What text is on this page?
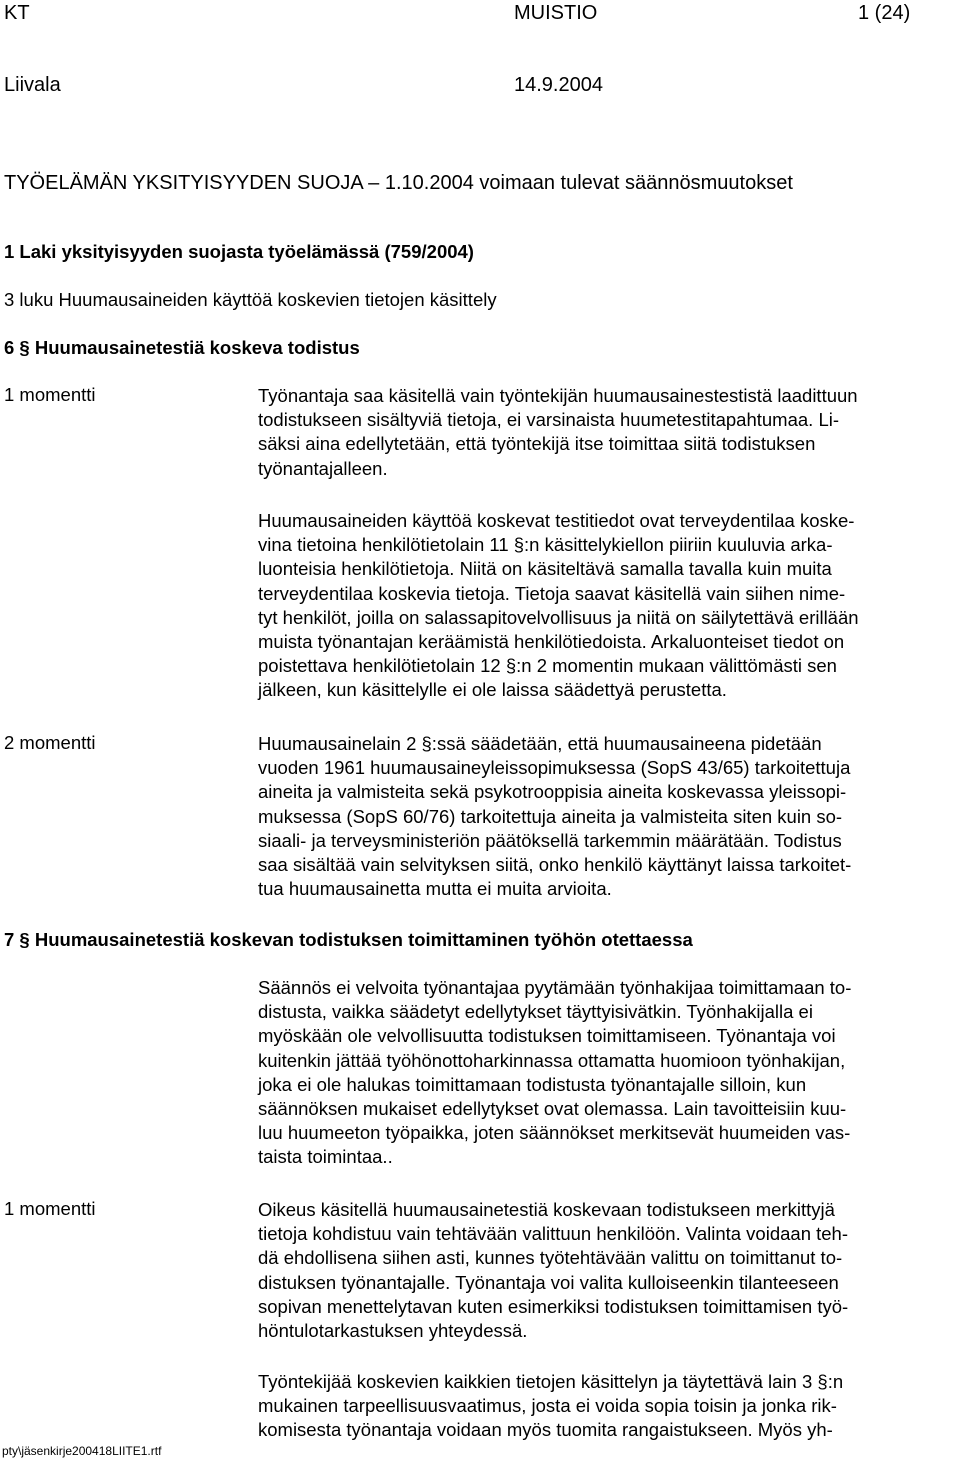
KT	MUISTIO	1 (24)
Liivala	14.9.2004
TYÖELÄMÄN YKSITYISYYDEN SUOJA – 1.10.2004 voimaan tulevat säännösmuutokset
1 Laki yksityisyyden suojasta työelämässä (759/2004)
3 luku Huumausaineiden käyttöä koskevien tietojen käsittely
6 § Huumausainetestiä koskeva todistus
1 momentti	Työnantaja saa käsitellä vain työntekijän huumausainestestistä laadittuun
todistukseen sisältyviä tietoja, ei varsinaista huumetestitapahtumaa. Li-
säksi aina edellytetään, että työntekijä itse toimittaa siitä todistuksen
työnantajalleen.
Huumausaineiden käyttöä koskevat testitiedot ovat terveydentilaa koske-
vina tietoina henkilötietolain 11 §:n käsittelykiellon piiriin kuuluvia arka-
luonteisia henkilötietoja. Niitä on käsiteltävä samalla tavalla kuin muita
terveydentilaa koskevia tietoja. Tietoja saavat käsitellä vain siihen nime-
tyt henkilöt, joilla on salassapitovelvollisuus ja niitä on säilytettävä erillään
muista työnantajan keräämistä henkilötiedoista. Arkaluonteiset tiedot on
poistettava henkilötietolain 12 §:n 2 momentin mukaan välittömästi sen
jälkeen, kun käsittelylle ei ole laissa säädettyä perustetta.
2 momentti	Huumausainelain 2 §:ssä säädetään, että huumausaineena pidetään
vuoden 1961 huumausaineyleissopimuksessa (SopS 43/65) tarkoitettuja
aineita ja valmisteita sekä psykotrooppisia aineita koskevassa yleissopi-
muksessa (SopS 60/76) tarkoitettuja aineita ja valmisteita siten kuin so-
siaali- ja terveysministeriön päätöksellä tarkemmin määrätään. Todistus
saa sisältää vain selvityksen siitä, onko henkilö käyttänyt laissa tarkoitet-
tua huumausainetta mutta ei muita arvioita.
7 § Huumausainetestiä koskevan todistuksen toimittaminen työhön otettaessa
Säännös ei velvoita työnantajaa pyytämään työnhakijaa toimittamaan to-
distusta, vaikka säädetyt edellytykset täyttyisivätkin. Työnhakijalla ei
myöskään ole velvollisuutta todistuksen toimittamiseen. Työnantaja voi
kuitenkin jättää työhönottoharkinnassa ottamatta huomioon työnhakijan,
joka ei ole halukas toimittamaan todistusta työnantajalle silloin, kun
säännöksen mukaiset edellytykset ovat olemassa. Lain tavoitteisiin kuu-
luu huumeeton työpaikka, joten säännökset merkitsevät huumeiden vas-
taista toimintaa..
1 momentti	Oikeus käsitellä huumausainetestiä koskevaan todistukseen merkittyjä
tietoja kohdistuu vain tehtävään valittuun henkilöön. Valinta voidaan teh-
dä ehdollisena siihen asti, kunnes työtehtävään valittu on toimittanut to-
distuksen työnantajalle. Työnantaja voi valita kulloiseenkin tilanteeseen
sopivan menettelytavan kuten esimerkiksi todistuksen toimittamisen työ-
höntulotarkastuksen yhteydessä.
Työntekijää koskevien kaikkien tietojen käsittelyn ja täytettävä lain 3 §:n
mukainen tarpeellisuusvaatimus, josta ei voida sopia toisin ja jonka rik-
komisesta työnantaja voidaan myös tuomita rangaistukseen. Myös yh-
pty\jäsenkirje200418LIITE1.rtf
